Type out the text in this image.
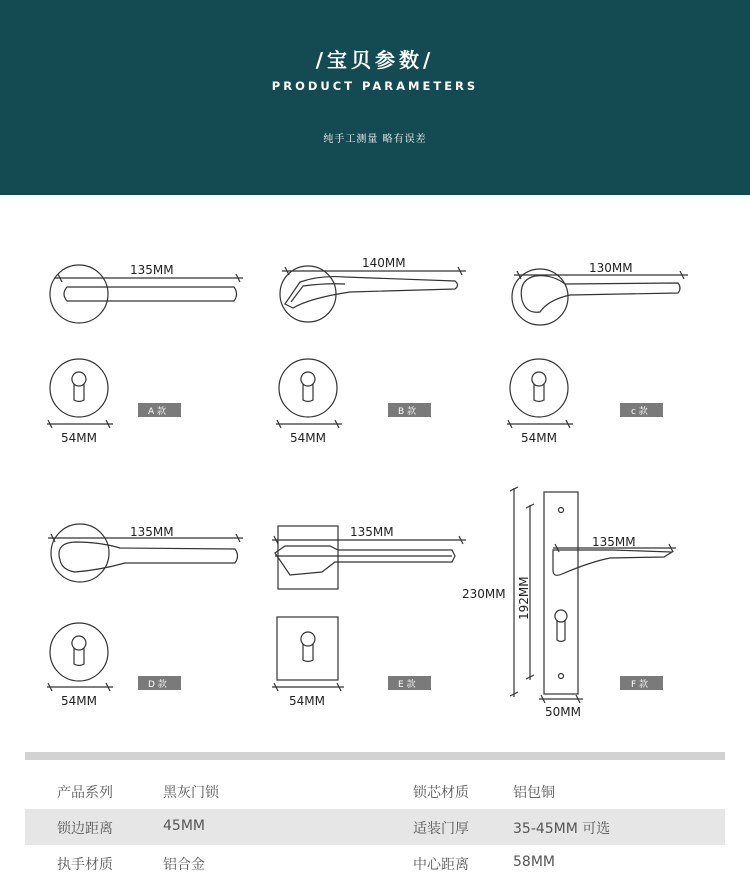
/宝贝参数/
PRODUCT PARAMETERS
纯手工测量 略有误差
135MM
54MM
140MM
54MM
130MM
54MM
135MM
54MM
135MM
54MM
135MM
230MM 192MM
50MM
A 款	B 款	c 款
D 款	E 款	F 款
产品系列	黑灰门锁	锁芯材质	铝包铜
锁边距离	45MM	适装门厚	35-45MM 可选
执手材质	铝合金	中心距离	58MM
